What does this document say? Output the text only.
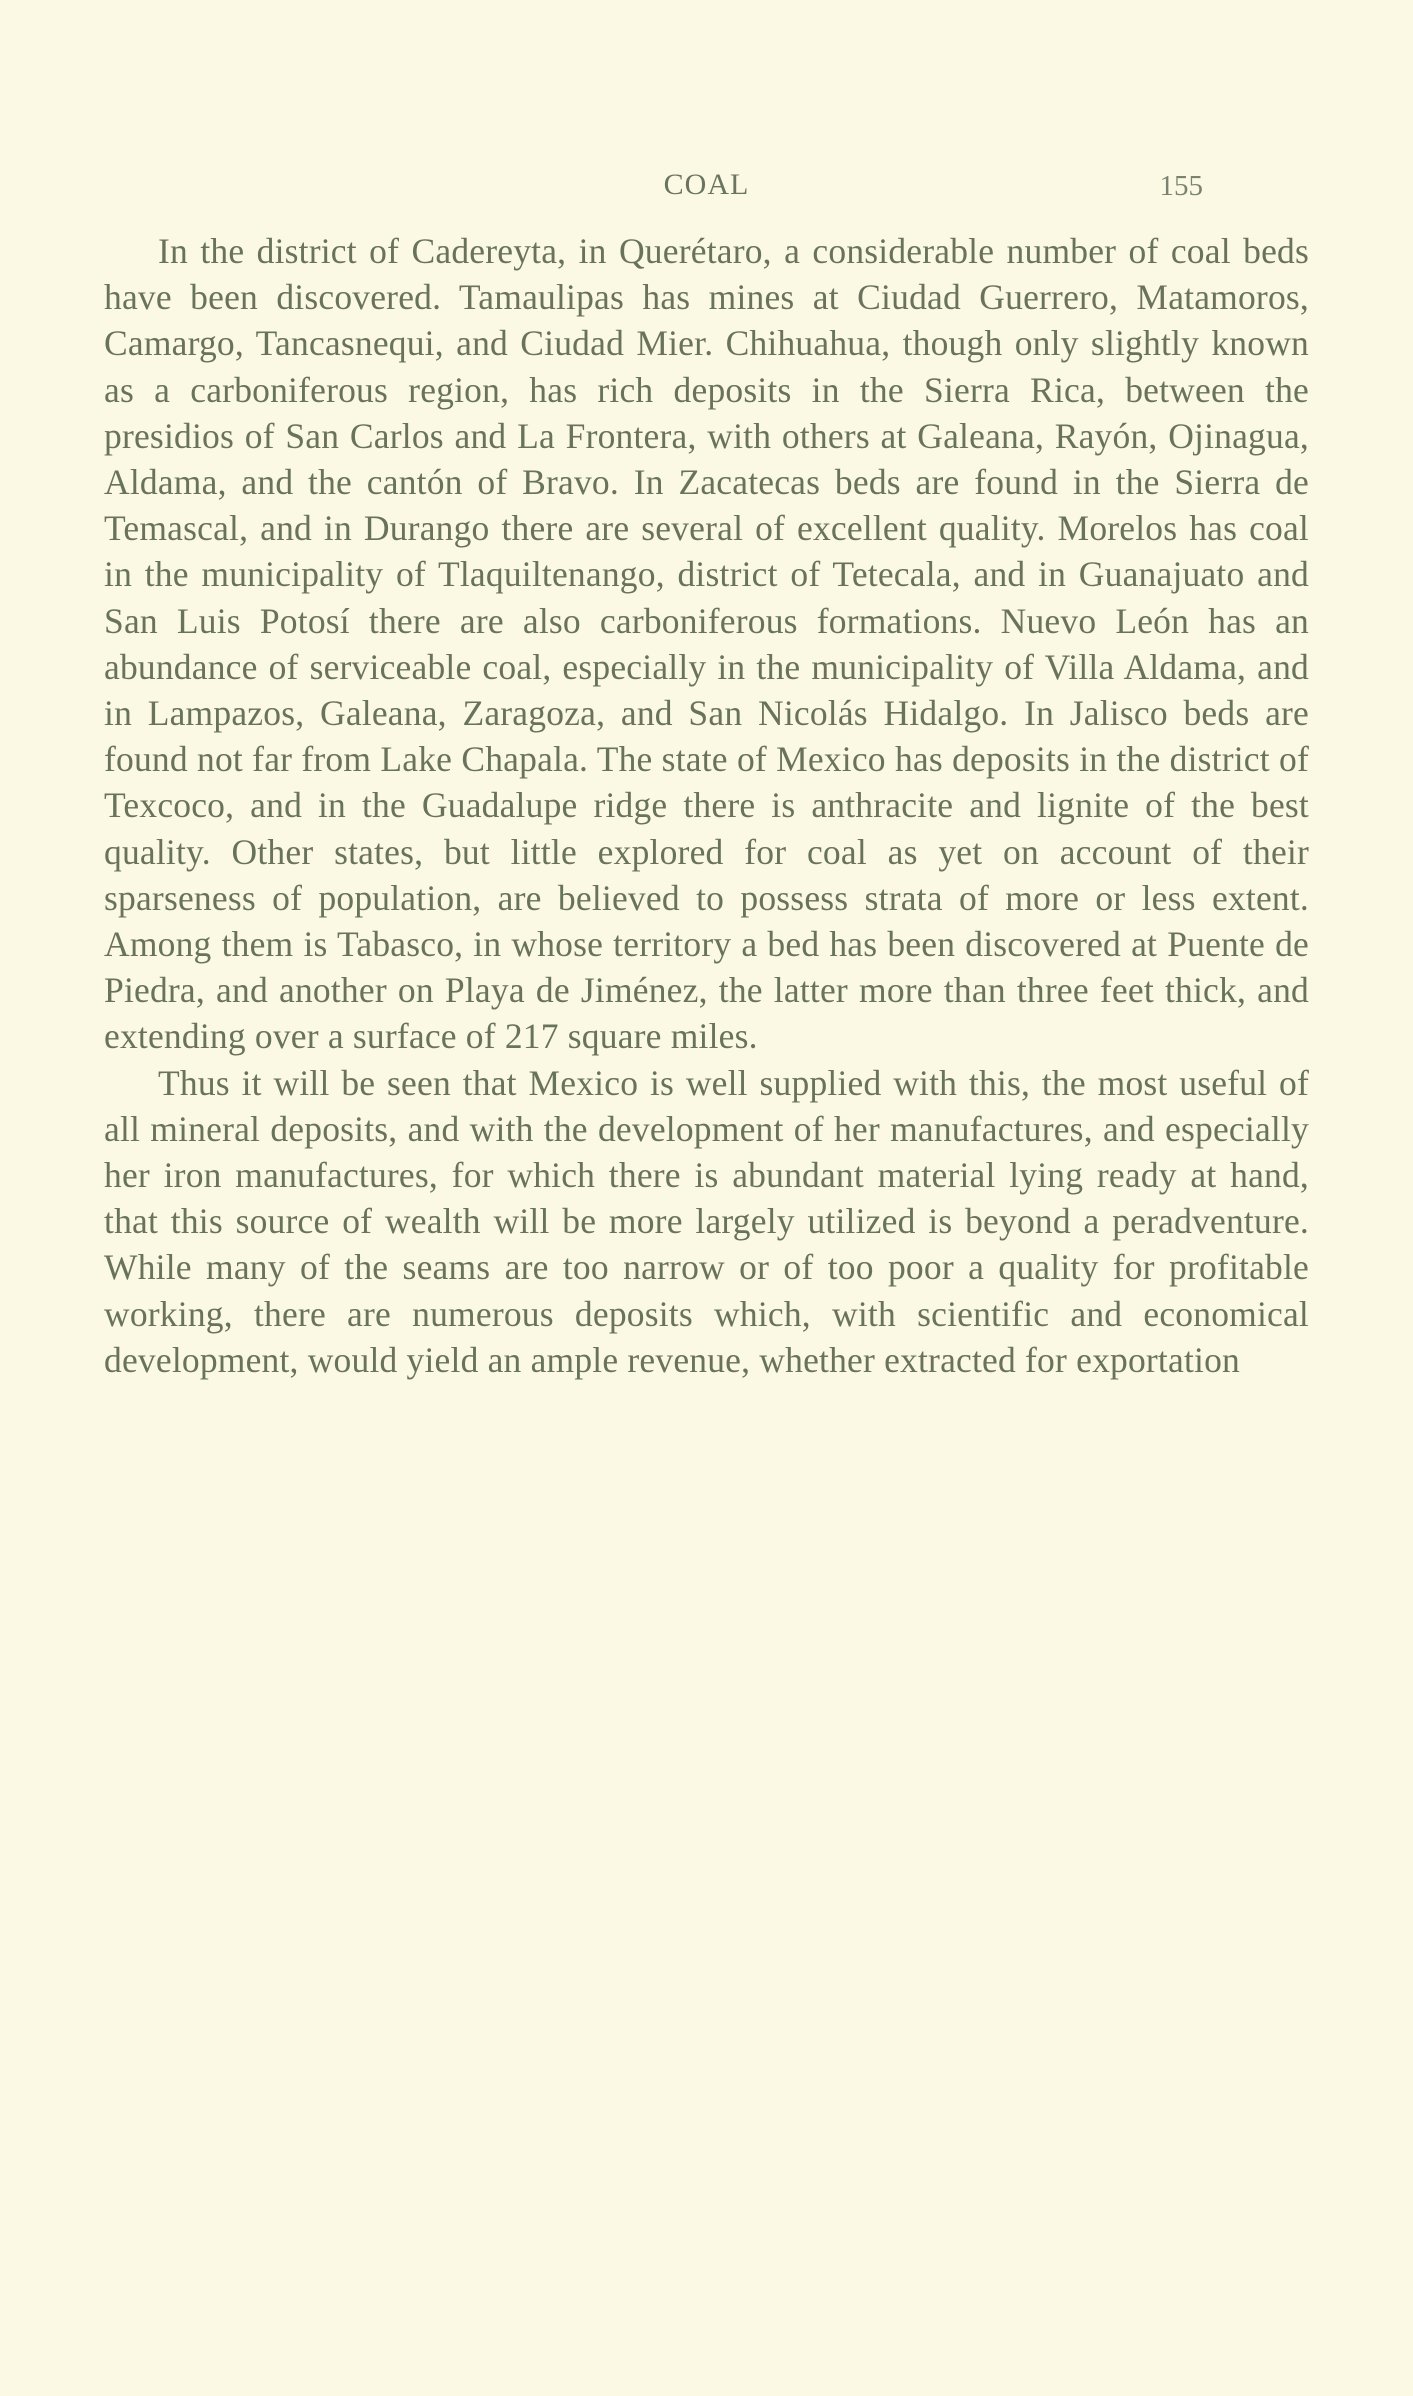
COAL	155

In the district of Cadereyta, in Querétaro, a considerable number of coal beds have been discovered. Tamaulipas has mines at Ciudad Guerrero, Matamoros, Camargo, Tancasnequi, and Ciudad Mier. Chihuahua, though only slightly known as a carboniferous region, has rich deposits in the Sierra Rica, between the presidios of San Carlos and La Frontera, with others at Galeana, Rayón, Ojinagua, Aldama, and the cantón of Bravo. In Zacatecas beds are found in the Sierra de Temascal, and in Durango there are several of excellent quality. Morelos has coal in the municipality of Tlaquiltenango, district of Tetecala, and in Guanajuato and San Luis Potosí there are also carboniferous formations. Nuevo León has an abundance of serviceable coal, especially in the municipality of Villa Aldama, and in Lampazos, Galeana, Zaragoza, and San Nicolás Hidalgo. In Jalisco beds are found not far from Lake Chapala. The state of Mexico has deposits in the district of Texcoco, and in the Guadalupe ridge there is anthracite and lignite of the best quality. Other states, but little explored for coal as yet on account of their sparseness of population, are believed to possess strata of more or less extent. Among them is Tabasco, in whose territory a bed has been discovered at Puente de Piedra, and another on Playa de Jiménez, the latter more than three feet thick, and extending over a surface of 217 square miles.

Thus it will be seen that Mexico is well supplied with this, the most useful of all mineral deposits, and with the development of her manufactures, and especially her iron manufactures, for which there is abundant material lying ready at hand, that this source of wealth will be more largely utilized is beyond a peradventure. While many of the seams are too narrow or of too poor a quality for profitable working, there are numerous deposits which, with scientific and economical development, would yield an ample revenue, whether extracted for exportation
